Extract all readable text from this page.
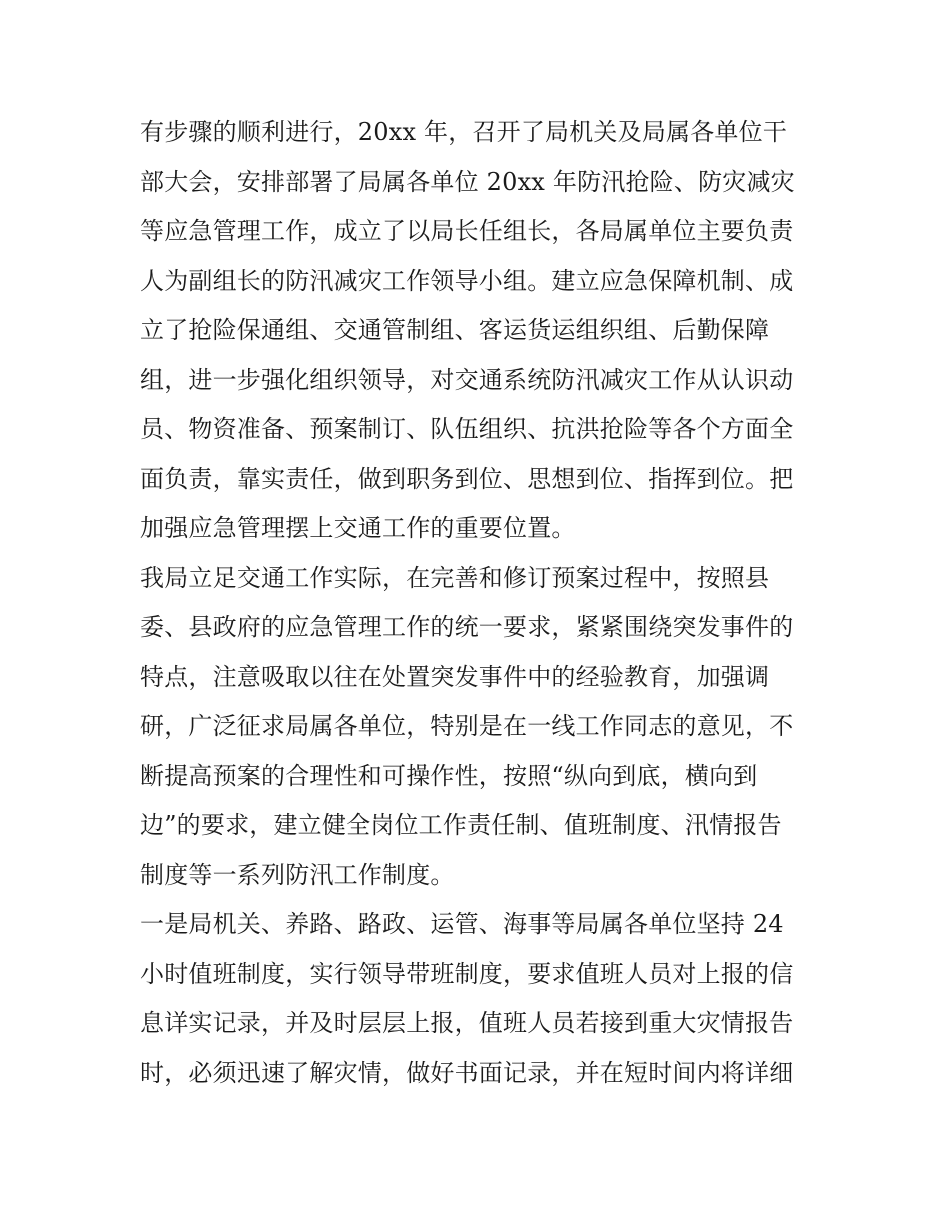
有步骤的顺利进行，20xx 年，召开了局机关及局属各单位干
部大会，安排部署了局属各单位 20xx 年防汛抢险、防灾减灾
等应急管理工作，成立了以局长任组长，各局属单位主要负责
人为副组长的防汛减灾工作领导小组。建立应急保障机制、成
立了抢险保通组、交通管制组、客运货运组织组、后勤保障
组，进一步强化组织领导，对交通系统防汛减灾工作从认识动
员、物资准备、预案制订、队伍组织、抗洪抢险等各个方面全
面负责，靠实责任，做到职务到位、思想到位、指挥到位。把
加强应急管理摆上交通工作的重要位置。
我局立足交通工作实际，在完善和修订预案过程中，按照县
委、县政府的应急管理工作的统一要求，紧紧围绕突发事件的
特点，注意吸取以往在处置突发事件中的经验教育，加强调
研，广泛征求局属各单位，特别是在一线工作同志的意见，不
断提高预案的合理性和可操作性，按照“纵向到底，横向到
边”的要求，建立健全岗位工作责任制、值班制度、汛情报告
制度等一系列防汛工作制度。
一是局机关、养路、路政、运管、海事等局属各单位坚持 24
小时值班制度，实行领导带班制度，要求值班人员对上报的信
息详实记录，并及时层层上报，值班人员若接到重大灾情报告
时，必须迅速了解灾情，做好书面记录，并在短时间内将详细
